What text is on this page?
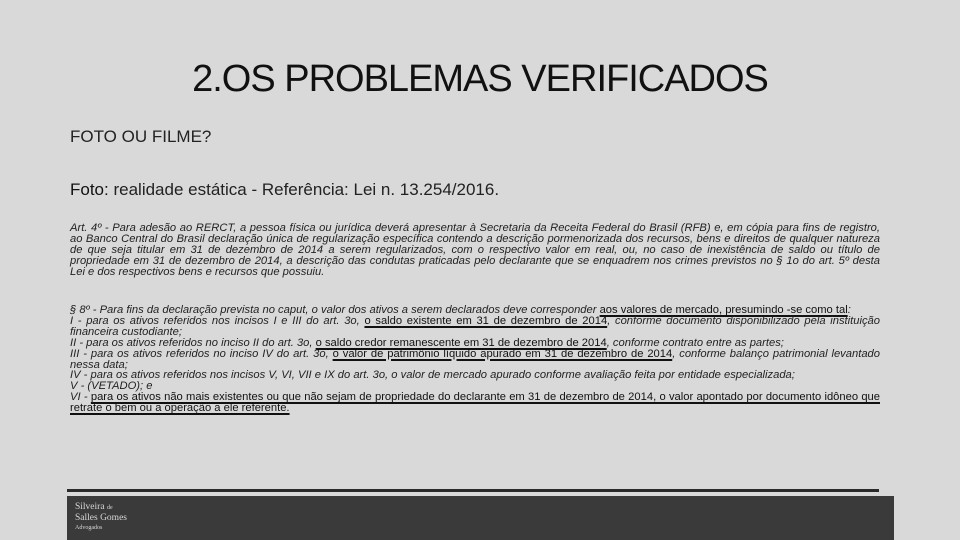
2.OS PROBLEMAS VERIFICADOS
FOTO OU FILME?
Foto: realidade estática - Referência: Lei n. 13.254/2016.

Art. 4º - Para adesão ao RERCT, a pessoa física ou jurídica deverá apresentar à Secretaria da Receita Federal do Brasil (RFB) e, em cópia para fins de registro, ao Banco Central do Brasil declaração única de regularização específica contendo a descrição pormenorizada dos recursos, bens e direitos de qualquer natureza de que seja titular em 31 de dezembro de 2014 a serem regularizados, com o respectivo valor em real, ou, no caso de inexistência de saldo ou título de propriedade em 31 de dezembro de 2014, a descrição das condutas praticadas pelo declarante que se enquadrem nos crimes previstos no § 1o do art. 5º desta Lei e dos respectivos bens e recursos que possuiu.

§ 8º - Para fins da declaração prevista no caput, o valor dos ativos a serem declarados deve corresponder aos valores de mercado, presumindo -se como tal:

I - para os ativos referidos nos incisos I e III do art. 3o, o saldo existente em 31 de dezembro de 2014, conforme documento disponibilizado pela instituição financeira custodiante;

II - para os ativos referidos no inciso II do art. 3o, o saldo credor remanescente em 31 de dezembro de 2014, conforme contrato entre as partes;

III - para os ativos referidos no inciso IV do art. 3o, o valor de patrimônio líquido apurado em 31 de dezembro de 2014, conforme balanço patrimonial levantado nessa data;

IV - para os ativos referidos nos incisos V, VI, VII e IX do art. 3o, o valor de mercado apurado conforme avaliação feita por entidade especializada;

V - (VETADO); e

VI - para os ativos não mais existentes ou que não sejam de propriedade do declarante em 31 de dezembro de 2014, o valor apontado por documento idôneo que retrate o bem ou a operação a ele referente.

Silveira de
Salles Gomes
Advogados
